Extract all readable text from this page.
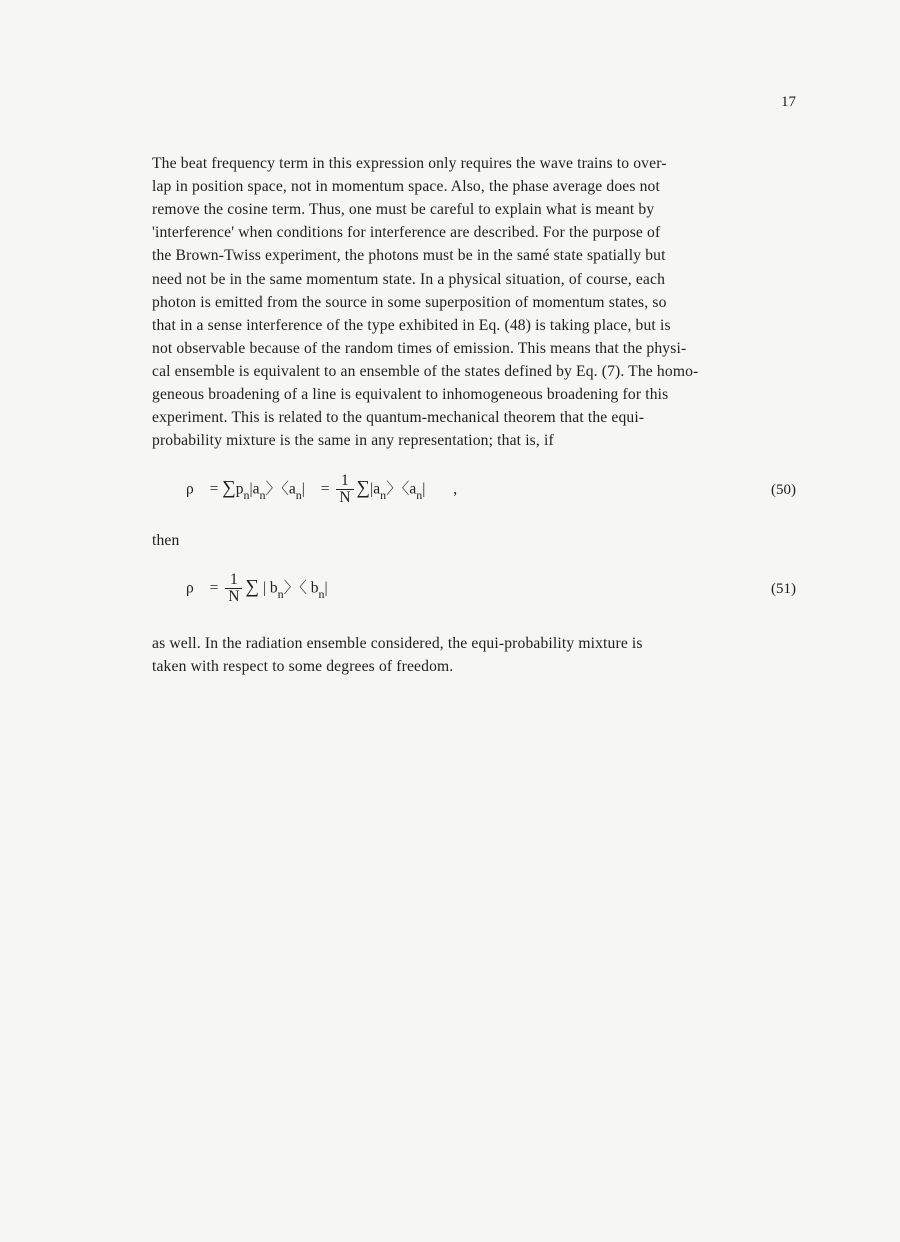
17
The beat frequency term in this expression only requires the wave trains to over-
lap in position space, not in momentum space. Also, the phase average does not
remove the cosine term. Thus, one must be careful to explain what is meant by
'interference' when conditions for interference are described. For the purpose of
the Brown-Twiss experiment, the photons must be in the samé state spatially but
need not be in the same momentum state. In a physical situation, of course, each
photon is emitted from the source in some superposition of momentum states, so
that in a sense interference of the type exhibited in Eq. (48) is taking place, but is
not observable because of the random times of emission. This means that the physi-
cal ensemble is equivalent to an ensemble of the states defined by Eq. (7). The homo-
geneous broadening of a line is equivalent to inhomogeneous broadening for this
experiment. This is related to the quantum-mechanical theorem that the equi-
probability mixture is the same in any representation; that is, if
$\rho = \sum p_n|a_n$〉〈$a_n| = \frac{1}{N} \sum|a_n$〉〈$a_n|$ ,	(50)
then
$\rho = \frac{1}{N}$ ∑ | $b_n$〉〈 $b_n|$	(51)
as well. In the radiation ensemble considered, the equi-probability mixture is
taken with respect to some degrees of freedom.
